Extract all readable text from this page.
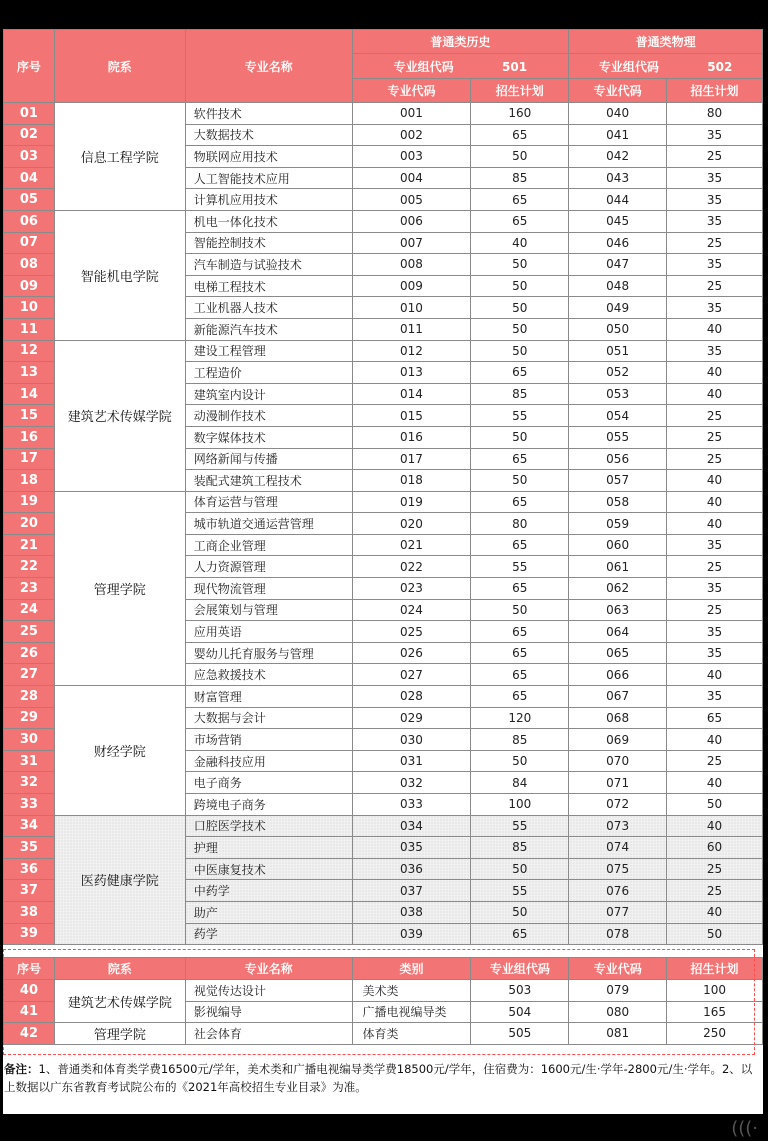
序号	院系	专业名称	普通类历史		普通类物理	
			专业组代码 501		专业组代码 502	
			专业代码	招生计划	专业代码	招生计划
01	信息工程学院	软件技术	001	160	040	80
02		大数据技术	002	65	041	35
03		物联网应用技术	003	50	042	25
04		人工智能技术应用	004	85	043	35
05		计算机应用技术	005	65	044	35
06	智能机电学院	机电一体化技术	006	65	045	35
07		智能控制技术	007	40	046	25
08		汽车制造与试验技术	008	50	047	35
09		电梯工程技术	009	50	048	25
10		工业机器人技术	010	50	049	35
11		新能源汽车技术	011	50	050	40
12	建筑艺术传媒学院	建设工程管理	012	50	051	35
13		工程造价	013	65	052	40
14		建筑室内设计	014	85	053	40
15		动漫制作技术	015	55	054	25
16		数字媒体技术	016	50	055	25
17		网络新闻与传播	017	65	056	25
18		装配式建筑工程技术	018	50	057	40
19	管理学院	体育运营与管理	019	65	058	40
20		城市轨道交通运营管理	020	80	059	40
21		工商企业管理	021	65	060	35
22		人力资源管理	022	55	061	25
23		现代物流管理	023	65	062	35
24		会展策划与管理	024	50	063	25
25		应用英语	025	65	064	35
26		婴幼儿托育服务与管理	026	65	065	35
27		应急救援技术	027	65	066	40
28	财经学院	财富管理	028	65	067	35
29		大数据与会计	029	120	068	65
30		市场营销	030	85	069	40
31		金融科技应用	031	50	070	25
32		电子商务	032	84	071	40
33		跨境电子商务	033	100	072	50
34	医药健康学院	口腔医学技术	034	55	073	40
35		护理	035	85	074	60
36		中医康复技术	036	50	075	25
37		中药学	037	55	076	25
38		助产	038	50	077	40
39		药学	039	65	078	50
序号	院系	专业名称	类别	专业组代码	专业代码	招生计划
40	建筑艺术传媒学院	视觉传达设计	美术类	503	079	100
41		影视编导	广播电视编导类	504	080	165
42	管理学院	社会体育	体育类	505	081	250
备注：1、普通类和体育类学费16500元/学年，美术类和广播电视编导类学费18500元/学年，住宿费为：1600元/生·学年-2800元/生·学年。2、以上数据以广东省教育考试院公布的《2021年高校招生专业目录》为准。
(((·
